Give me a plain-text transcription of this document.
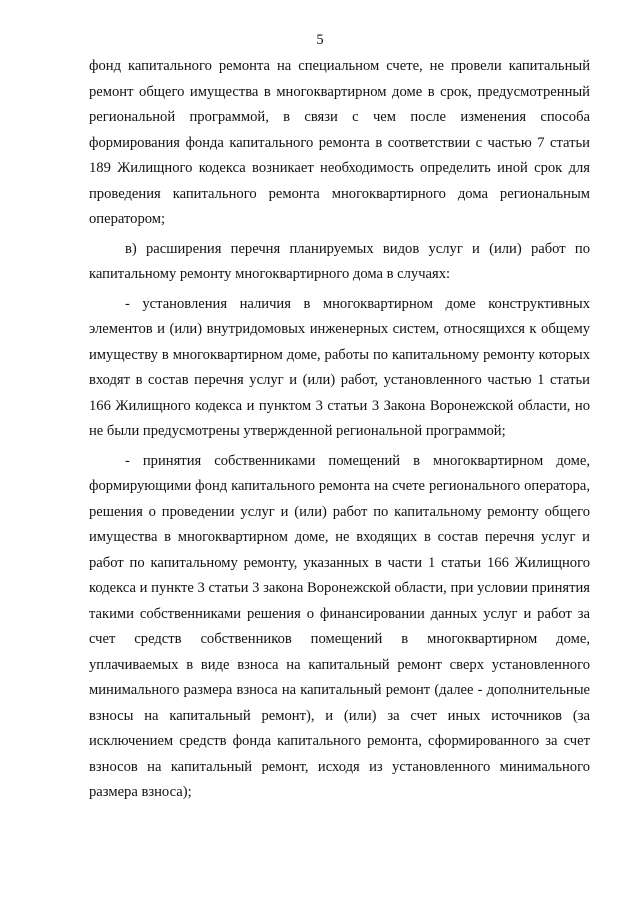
5

фонд капитального ремонта на специальном счете, не провели капитальный ремонт общего имущества в многоквартирном доме в срок, предусмотренный региональной программой, в связи с чем после изменения способа формирования фонда капитального ремонта в соответствии с частью 7 статьи 189 Жилищного кодекса возникает необходимость определить иной срок для проведения капитального ремонта многоквартирного дома региональным оператором;

в) расширения перечня планируемых видов услуг и (или) работ по капитальному ремонту многоквартирного дома в случаях:

- установления наличия в многоквартирном доме конструктивных элементов и (или) внутридомовых инженерных систем, относящихся к общему имуществу в многоквартирном доме, работы по капитальному ремонту которых входят в состав перечня услуг и (или) работ, установленного частью 1 статьи 166 Жилищного кодекса и пунктом 3 статьи 3 Закона Воронежской области, но не были предусмотрены утвержденной региональной программой;

- принятия собственниками помещений в многоквартирном доме, формирующими фонд капитального ремонта на счете регионального оператора, решения о проведении услуг и (или) работ по капитальному ремонту общего имущества в многоквартирном доме, не входящих в состав перечня услуг и работ по капитальному ремонту, указанных в части 1 статьи 166 Жилищного кодекса и пункте 3 статьи 3 закона Воронежской области, при условии принятия такими собственниками решения о финансировании данных услуг и работ за счет средств собственников помещений в многоквартирном доме, уплачиваемых в виде взноса на капитальный ремонт сверх установленного минимального размера взноса на капитальный ремонт (далее - дополнительные взносы на капитальный ремонт), и (или) за счет иных источников (за исключением средств фонда капитального ремонта, сформированного за счет взносов на капитальный ремонт, исходя из установленного минимального размера взноса);
